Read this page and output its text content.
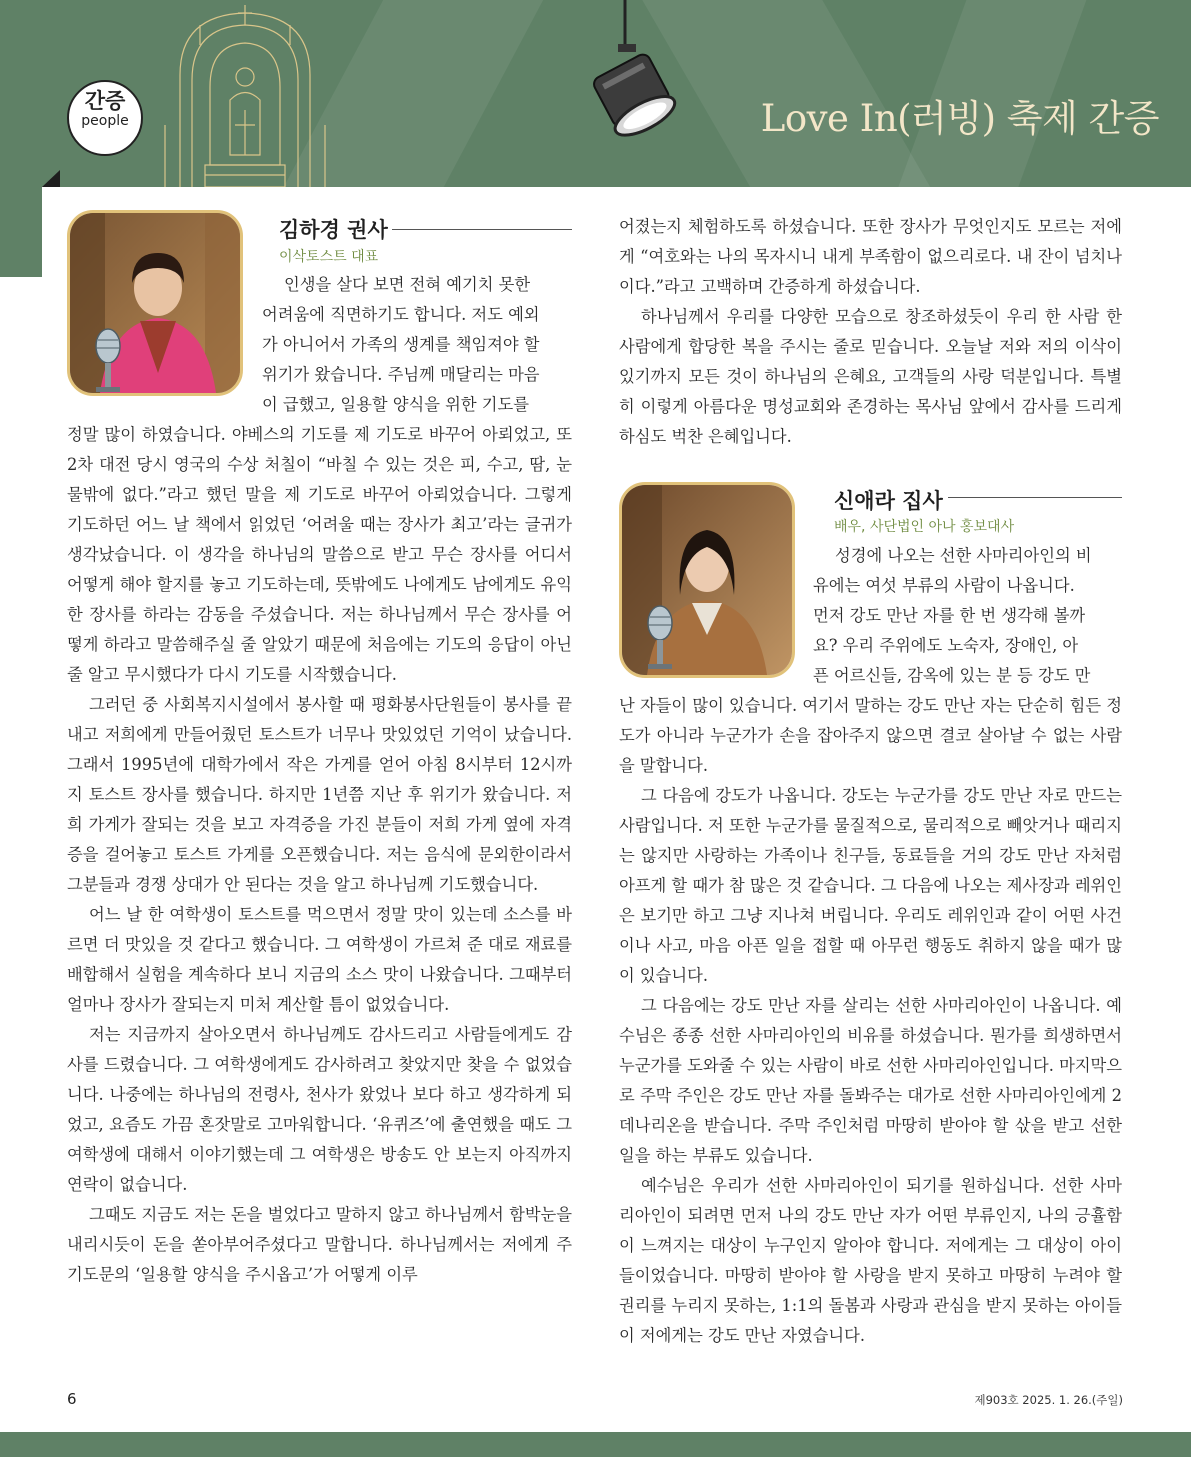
간증
people	Love In(러빙) 축제 간증
김하경 권사
이삭토스트 대표

인생을 살다 보면 전혀 예기치 못한

어려움에 직면하기도 합니다. 저도 예외

가 아니어서 가족의 생계를 책임져야 할

위기가 왔습니다. 주님께 매달리는 마음

이 급했고, 일용할 양식을 위한 기도를

정말 많이 하였습니다. 야베스의 기도를 제 기도로 바꾸어 아뢰었고, 또 2차 대전 당시 영국의 수상 처칠이 “바칠 수 있는 것은 피, 수고, 땀, 눈물밖에 없다.”라고 했던 말을 제 기도로 바꾸어 아뢰었습니다. 그렇게 기도하던 어느 날 책에서 읽었던 ‘어려울 때는 장사가 최고’라는 글귀가 생각났습니다. 이 생각을 하나님의 말씀으로 받고 무슨 장사를 어디서 어떻게 해야 할지를 놓고 기도하는데, 뜻밖에도 나에게도 남에게도 유익한 장사를 하라는 감동을 주셨습니다. 저는 하나님께서 무슨 장사를 어떻게 하라고 말씀해주실 줄 알았기 때문에 처음에는 기도의 응답이 아닌 줄 알고 무시했다가 다시 기도를 시작했습니다.

그러던 중 사회복지시설에서 봉사할 때 평화봉사단원들이 봉사를 끝내고 저희에게 만들어줬던 토스트가 너무나 맛있었던 기억이 났습니다. 그래서 1995년에 대학가에서 작은 가게를 얻어 아침 8시부터 12시까지 토스트 장사를 했습니다. 하지만 1년쯤 지난 후 위기가 왔습니다. 저희 가게가 잘되는 것을 보고 자격증을 가진 분들이 저희 가게 옆에 자격증을 걸어놓고 토스트 가게를 오픈했습니다. 저는 음식에 문외한이라서 그분들과 경쟁 상대가 안 된다는 것을 알고 하나님께 기도했습니다.

어느 날 한 여학생이 토스트를 먹으면서 정말 맛이 있는데 소스를 바르면 더 맛있을 것 같다고 했습니다. 그 여학생이 가르쳐 준 대로 재료를 배합해서 실험을 계속하다 보니 지금의 소스 맛이 나왔습니다. 그때부터 얼마나 장사가 잘되는지 미처 계산할 틈이 없었습니다.

저는 지금까지 살아오면서 하나님께도 감사드리고 사람들에게도 감사를 드렸습니다. 그 여학생에게도 감사하려고 찾았지만 찾을 수 없었습니다. 나중에는 하나님의 전령사, 천사가 왔었나 보다 하고 생각하게 되었고, 요즘도 가끔 혼잣말로 고마워합니다. ‘유퀴즈’에 출연했을 때도 그 여학생에 대해서 이야기했는데 그 여학생은 방송도 안 보는지 아직까지 연락이 없습니다.

그때도 지금도 저는 돈을 벌었다고 말하지 않고 하나님께서 함박눈을 내리시듯이 돈을 쏟아부어주셨다고 말합니다. 하나님께서는 저에게 주기도문의 ‘일용할 양식을 주시옵고’가 어떻게 이루

어졌는지 체험하도록 하셨습니다. 또한 장사가 무엇인지도 모르는 저에게 “여호와는 나의 목자시니 내게 부족함이 없으리로다. 내 잔이 넘치나이다.”라고 고백하며 간증하게 하셨습니다.

하나님께서 우리를 다양한 모습으로 창조하셨듯이 우리 한 사람 한 사람에게 합당한 복을 주시는 줄로 믿습니다. 오늘날 저와 저의 이삭이 있기까지 모든 것이 하나님의 은혜요, 고객들의 사랑 덕분입니다. 특별히 이렇게 아름다운 명성교회와 존경하는 목사님 앞에서 감사를 드리게 하심도 벅찬 은혜입니다.

신애라 집사
배우, 사단법인 아나 홍보대사

성경에 나오는 선한 사마리아인의 비

유에는 여섯 부류의 사람이 나옵니다.

먼저 강도 만난 자를 한 번 생각해 볼까

요? 우리 주위에도 노숙자, 장애인, 아

픈 어르신들, 감옥에 있는 분 등 강도 만

난 자들이 많이 있습니다. 여기서 말하는 강도 만난 자는 단순히 힘든 정도가 아니라 누군가가 손을 잡아주지 않으면 결코 살아날 수 없는 사람을 말합니다.

그 다음에 강도가 나옵니다. 강도는 누군가를 강도 만난 자로 만드는 사람입니다. 저 또한 누군가를 물질적으로, 물리적으로 빼앗거나 때리지는 않지만 사랑하는 가족이나 친구들, 동료들을 거의 강도 만난 자처럼 아프게 할 때가 참 많은 것 같습니다. 그 다음에 나오는 제사장과 레위인은 보기만 하고 그냥 지나쳐 버립니다. 우리도 레위인과 같이 어떤 사건이나 사고, 마음 아픈 일을 접할 때 아무런 행동도 취하지 않을 때가 많이 있습니다.

그 다음에는 강도 만난 자를 살리는 선한 사마리아인이 나옵니다. 예수님은 종종 선한 사마리아인의 비유를 하셨습니다. 뭔가를 희생하면서 누군가를 도와줄 수 있는 사람이 바로 선한 사마리아인입니다. 마지막으로 주막 주인은 강도 만난 자를 돌봐주는 대가로 선한 사마리아인에게 2데나리온을 받습니다. 주막 주인처럼 마땅히 받아야 할 삯을 받고 선한 일을 하는 부류도 있습니다.

예수님은 우리가 선한 사마리아인이 되기를 원하십니다. 선한 사마리아인이 되려면 먼저 나의 강도 만난 자가 어떤 부류인지, 나의 긍휼함이 느껴지는 대상이 누구인지 알아야 합니다. 저에게는 그 대상이 아이들이었습니다. 마땅히 받아야 할 사랑을 받지 못하고 마땅히 누려야 할 권리를 누리지 못하는, 1:1의 돌봄과 사랑과 관심을 받지 못하는 아이들이 저에게는 강도 만난 자였습니다.

6	제903호 2025. 1. 26.(주일)
